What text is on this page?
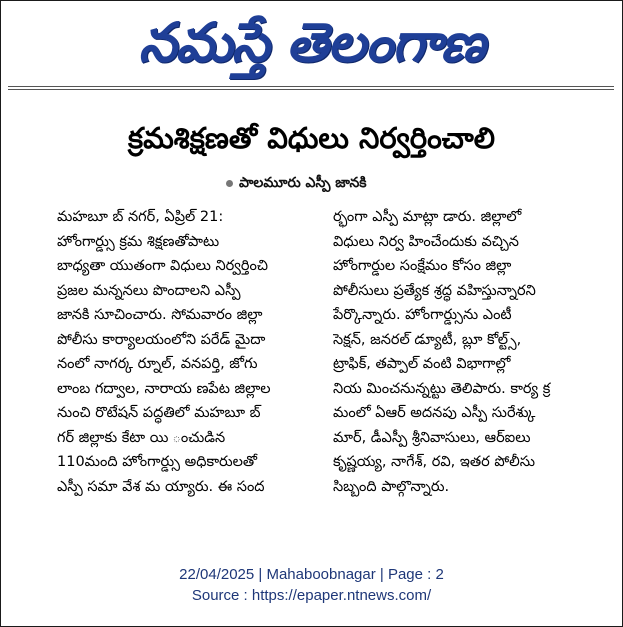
నమస్తే తెలంగాణ
క్రమశిక్షణతో విధులు నిర్వర్తించాలి
పాలమూరు ఎస్పీ జానకి
మహబూ బ్ నగర్, ఏప్రిల్ 21:
హోంగార్డ్సు క్రమ శిక్షణతోపాటు
బాధ్యతా యుతంగా విధులు నిర్వర్తించి
ప్రజల మన్ననలు పొందాలని ఎస్పీ
జానకి సూచించారు. సోమవారం జిల్లా
పోలీసు కార్యాలయంలోని పరేడ్ మైదా
నంలో నాగర్క ర్నూల్, వనపర్తి, జోగు
లాంబ గద్వాల, నారాయ ణపేట జిల్లాల
నుంచి రొటేషన్ పద్ధతిలో మహబూ బ్
గర్ జిల్లాకు కేటా యి ంచుడిన
110మంది హోంగార్డ్సు అధికారులతో
ఎస్పీ సమా వేశ మ య్యారు. ఈ సంద
ర్భంగా ఎస్పీ మాట్లా డారు. జిల్లాలో
విధులు నిర్వ హించేందుకు వచ్చిన
హోంగార్డుల సంక్షేమం కోసం జిల్లా
పోలీసులు ప్రత్యేక శ్రద్ధ వహిస్తున్నారని
పేర్కొన్నారు. హోంగార్డ్సును ఎంటీ
సెక్షన్, జనరల్ డ్యూటీ, బ్లూ కోల్ట్స్,
ట్రాఫిక్, తప్పాల్ వంటి విభాగాల్లో
నియ మించనున్నట్టు తెలిపారు. కార్య క్ర
మంలో ఏఆర్ అదనపు ఎస్పీ సురేశ్కు
మార్, డీఎస్పీ శ్రీనివాసులు, ఆర్ఐలు
కృష్ణయ్య, నాగేశ్, రవి, ఇతర పోలీసు
సిబ్బంది పాల్గొన్నారు.
22/04/2025 | Mahaboobnagar | Page : 2
Source : https://epaper.ntnews.com/
